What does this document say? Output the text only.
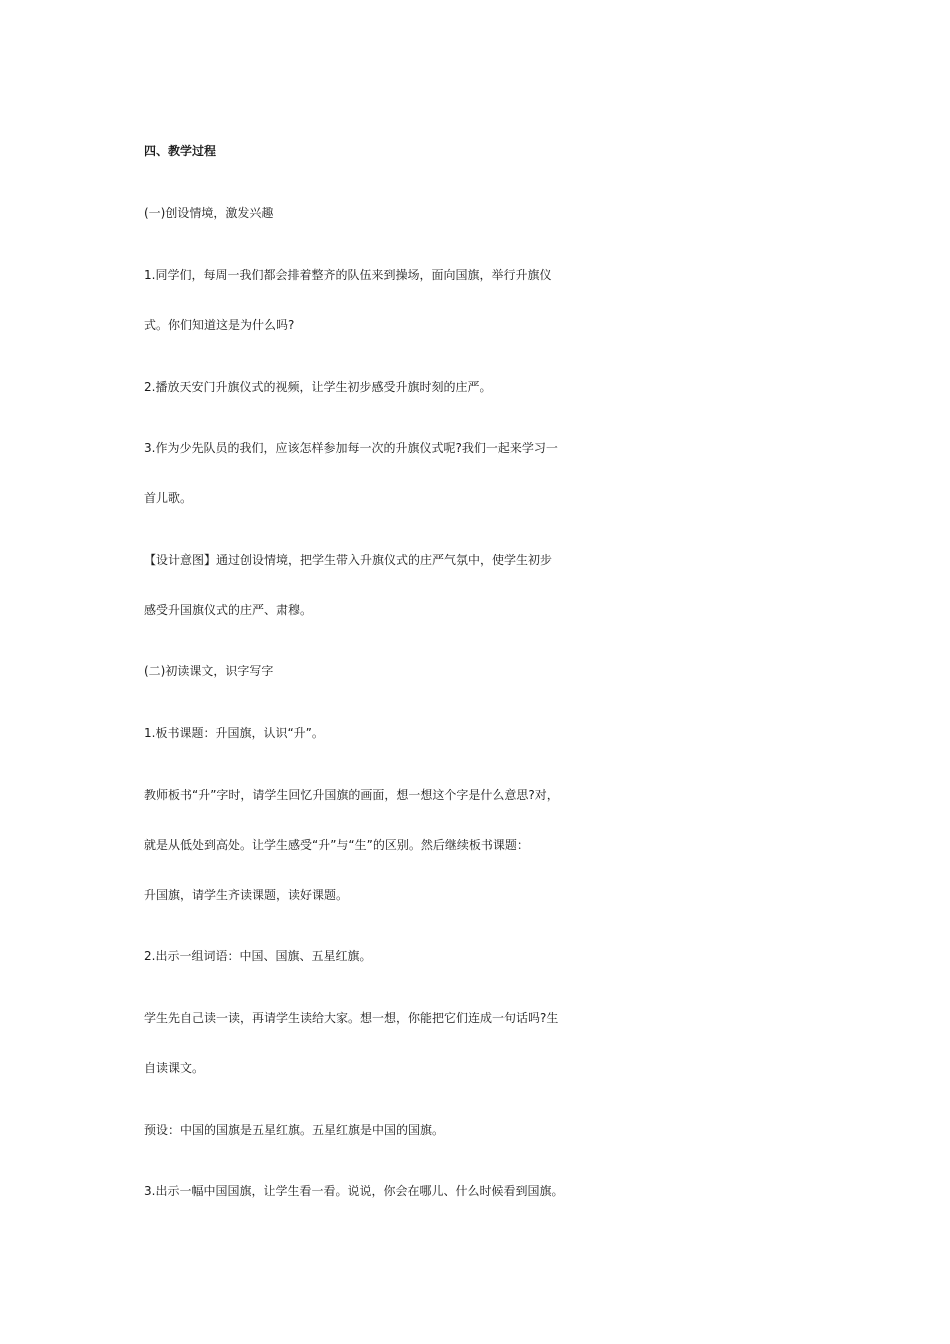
四、教学过程
(一)创设情境，激发兴趣
1.同学们，每周一我们都会排着整齐的队伍来到操场，面向国旗，举行升旗仪
式。你们知道这是为什么吗?
2.播放天安门升旗仪式的视频，让学生初步感受升旗时刻的庄严。
3.作为少先队员的我们，应该怎样参加每一次的升旗仪式呢?我们一起来学习一
首儿歌。
【设计意图】通过创设情境，把学生带入升旗仪式的庄严气氛中，使学生初步
感受升国旗仪式的庄严、肃穆。
(二)初读课文，识字写字
1.板书课题：升国旗，认识“升”。
教师板书“升”字时，请学生回忆升国旗的画面，想一想这个字是什么意思?对，
就是从低处到高处。让学生感受“升”与“生”的区别。然后继续板书课题：
升国旗，请学生齐读课题，读好课题。
2.出示一组词语：中国、国旗、五星红旗。
学生先自己读一读，再请学生读给大家。想一想，你能把它们连成一句话吗?生
自读课文。
预设：中国的国旗是五星红旗。五星红旗是中国的国旗。
3.出示一幅中国国旗，让学生看一看。说说，你会在哪儿、什么时候看到国旗。
